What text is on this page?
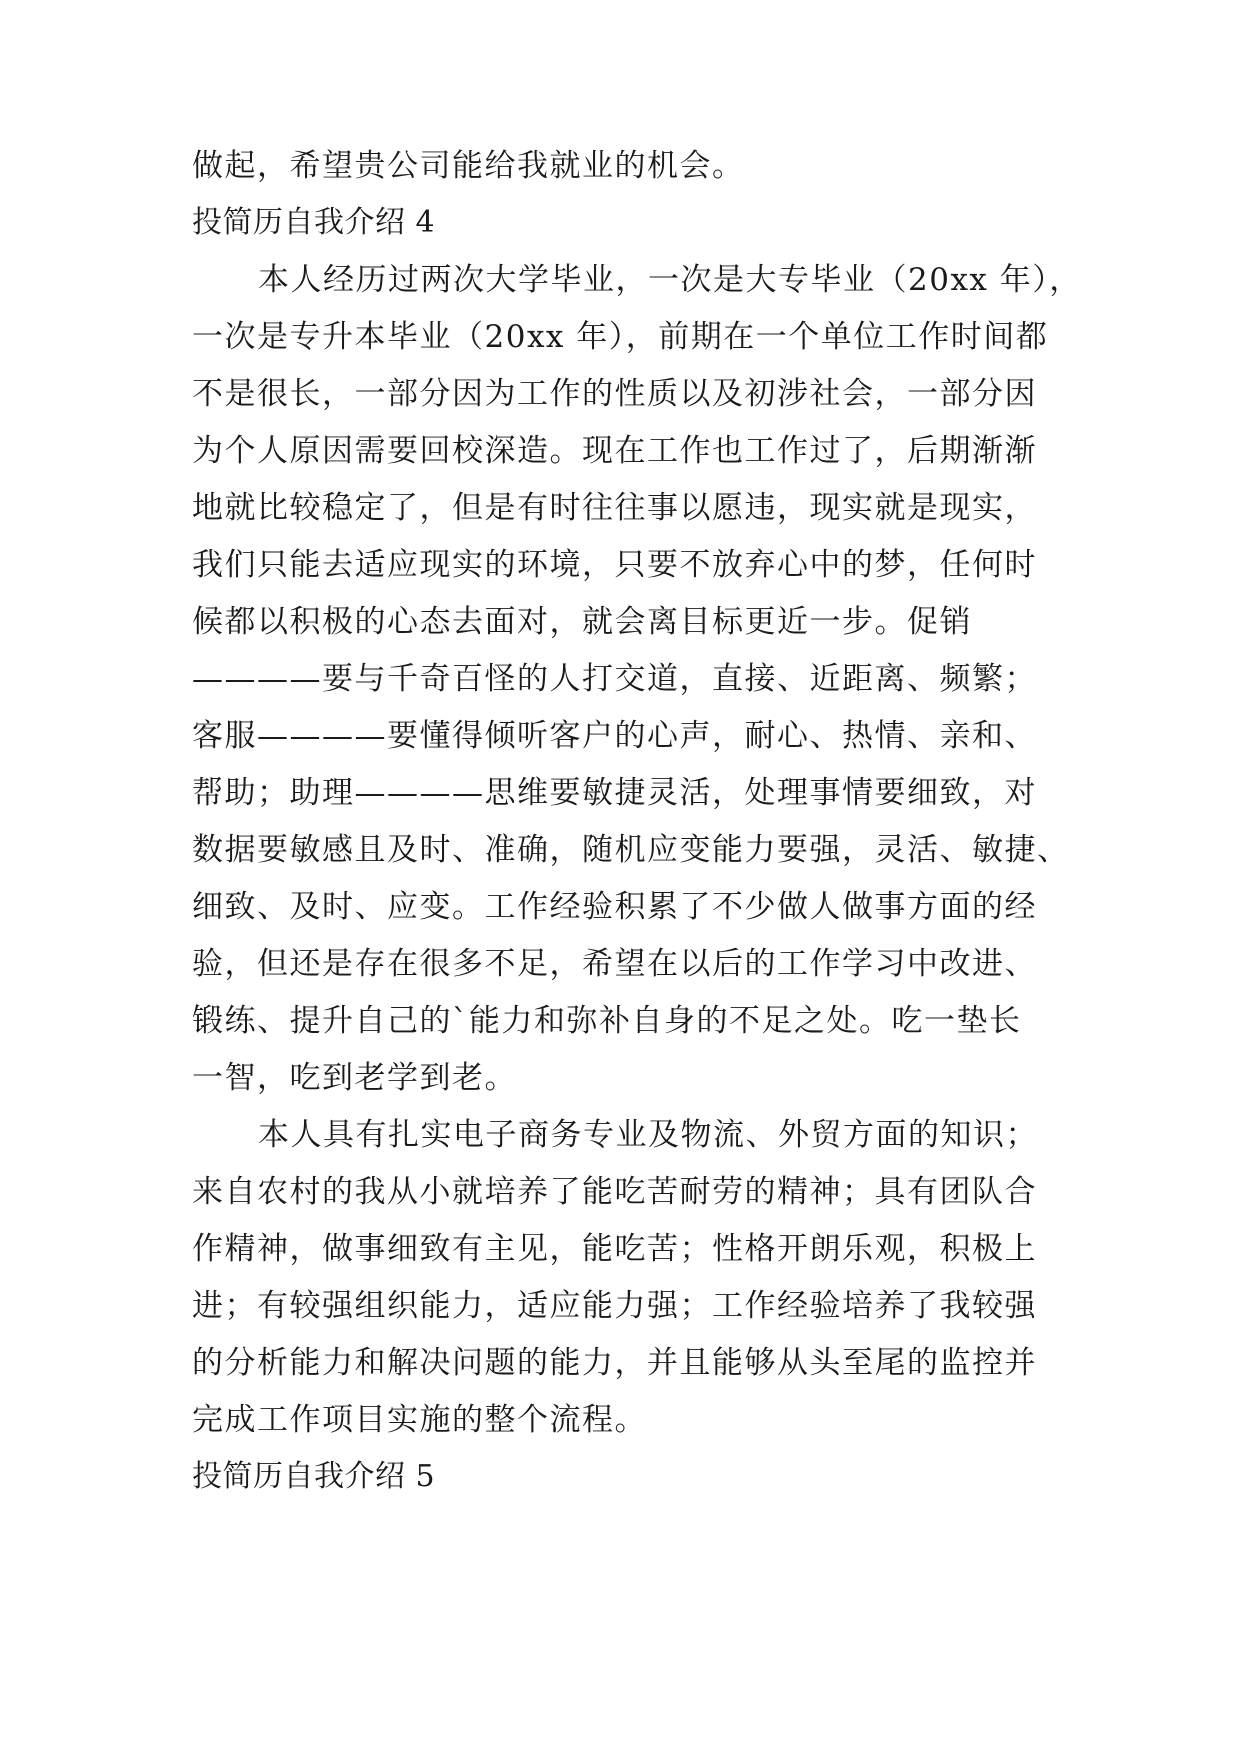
做起，希望贵公司能给我就业的机会。

投简历自我介绍 4

本人经历过两次大学毕业，一次是大专毕业（20xx 年），

一次是专升本毕业（20xx 年），前期在一个单位工作时间都

不是很长，一部分因为工作的性质以及初涉社会，一部分因

为个人原因需要回校深造。现在工作也工作过了，后期渐渐

地就比较稳定了，但是有时往往事以愿违，现实就是现实，

我们只能去适应现实的环境，只要不放弃心中的梦，任何时

候都以积极的心态去面对，就会离目标更近一步。促销

————要与千奇百怪的人打交道，直接、近距离、频繁；

客服————要懂得倾听客户的心声，耐心、热情、亲和、

帮助；助理————思维要敏捷灵活，处理事情要细致，对

数据要敏感且及时、准确，随机应变能力要强，灵活、敏捷、

细致、及时、应变。工作经验积累了不少做人做事方面的经

验，但还是存在很多不足，希望在以后的工作学习中改进、

锻练、提升自己的`能力和弥补自身的不足之处。吃一垫长

一智，吃到老学到老。

本人具有扎实电子商务专业及物流、外贸方面的知识；

来自农村的我从小就培养了能吃苦耐劳的精神；具有团队合

作精神，做事细致有主见，能吃苦；性格开朗乐观，积极上

进；有较强组织能力，适应能力强；工作经验培养了我较强

的分析能力和解决问题的能力，并且能够从头至尾的监控并

完成工作项目实施的整个流程。

投简历自我介绍 5
